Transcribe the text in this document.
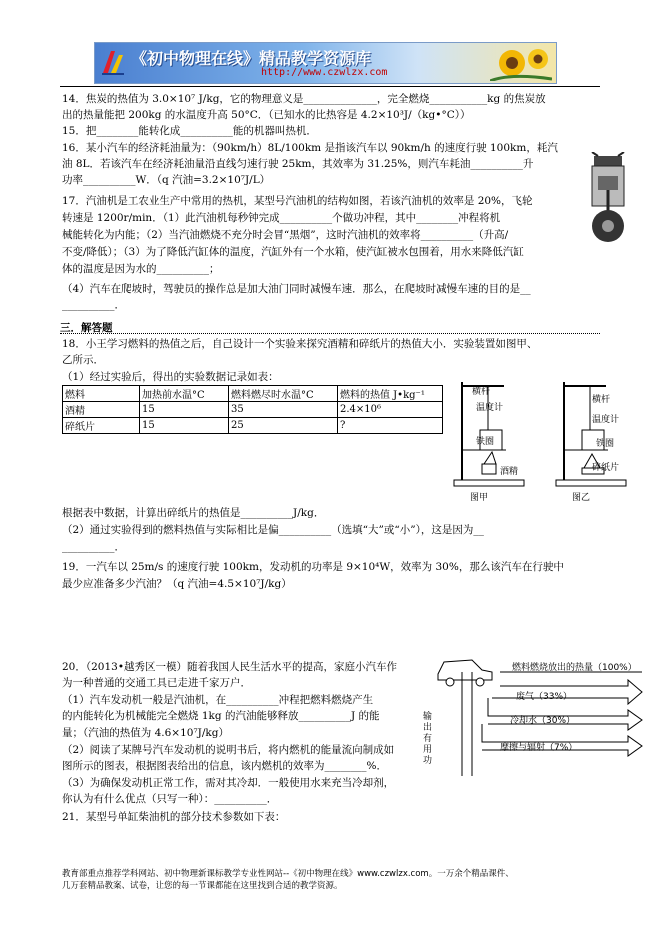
《初中物理在线》精品教学资源库
http://www.czwlzx.com
14．焦炭的热值为 3.0×10⁷ J/kg，它的物理意义是______________，完全燃烧___________kg 的焦炭放
出的热量能把 200kg 的水温度升高 50°C．（已知水的比热容是 4.2×10³J/（kg•°C））
15．把________能转化成__________能的机器叫热机．
16．某小汽车的经济耗油量为：（90km/h）8L/100km 是指该汽车以 90km/h 的速度行驶 100km，耗汽
油 8L．若该汽车在经济耗油量沿直线匀速行驶 25km，其效率为 31.25%，则汽车耗油__________升
功率__________W．（q 汽油=3.2×10⁷J/L）
17．汽油机是工农业生产中常用的热机，某型号汽油机的结构如图，若该汽油机的效率是 20%，飞轮
转速是 1200r/min．（1）此汽油机每秒钟完成__________个做功冲程，其中________冲程将机
械能转化为内能；（2）当汽油燃烧不充分时会冒“黑烟”，这时汽油机的效率将__________（升高/
不变/降低）；（3）为了降低汽缸体的温度，汽缸外有一个水箱，使汽缸被水包围着，用水来降低汽缸
体的温度是因为水的__________；
（4）汽车在爬坡时，驾驶员的操作总是加大油门同时减慢车速．那么，在爬坡时减慢车速的目的是__
__________．
三．解答题
18．小王学习燃料的热值之后，自己设计一个实验来探究酒精和碎纸片的热值大小．实验装置如图甲、
乙所示．
（1）经过实验后，得出的实验数据记录如表：
燃料	加热前水温°C	燃料燃尽时水温°C	燃料的热值 J•kg⁻¹
酒精	15	35	2.4×10⁶
碎纸片	15	25	?
横杆
温度计
铁圈
酒精
横杆
温度计
铁圈
碎纸片
图甲	图乙
根据表中数据，计算出碎纸片的热值是__________J/kg．
（2）通过实验得到的燃料热值与实际相比是偏__________（选填“大”或“小”），这是因为__
__________．
19．一汽车以 25m/s 的速度行驶 100km，发动机的功率是 9×10⁴W，效率为 30%，那么该汽车在行驶中
最少应准备多少汽油？（q 汽油=4.5×10⁷J/kg）
20．（2013•越秀区一模）随着我国人民生活水平的提高，家庭小汽车作
为一种普通的交通工具已走进千家万户．
（1）汽车发动机一般是汽油机，在__________冲程把燃料燃烧产生
的内能转化为机械能完全燃烧 1kg 的汽油能够释放__________J 的能
量；（汽油的热值为 4.6×10⁷J/kg）
（2）阅读了某牌号汽车发动机的说明书后，将内燃机的能量流向制成如
图所示的图表，根据图表给出的信息，该内燃机的效率为________%．
（3）为确保发动机正常工作，需对其冷却．一般使用水来充当冷却剂，
你认为有什么优点（只写一种）：__________．
燃料燃烧放出的热量（100%）
废气（33%）
冷却水（30%）
摩擦与辐射（7%）
输出有用功
21．某型号单缸柴油机的部分技术参数如下表：
教育部重点推荐学科网站、初中物理新课标教学专业性网站--《初中物理在线》www.czwlzx.com。一万余个精品课件、
几万套精品教案、试卷，让您的每一节课都能在这里找到合适的教学资源。
